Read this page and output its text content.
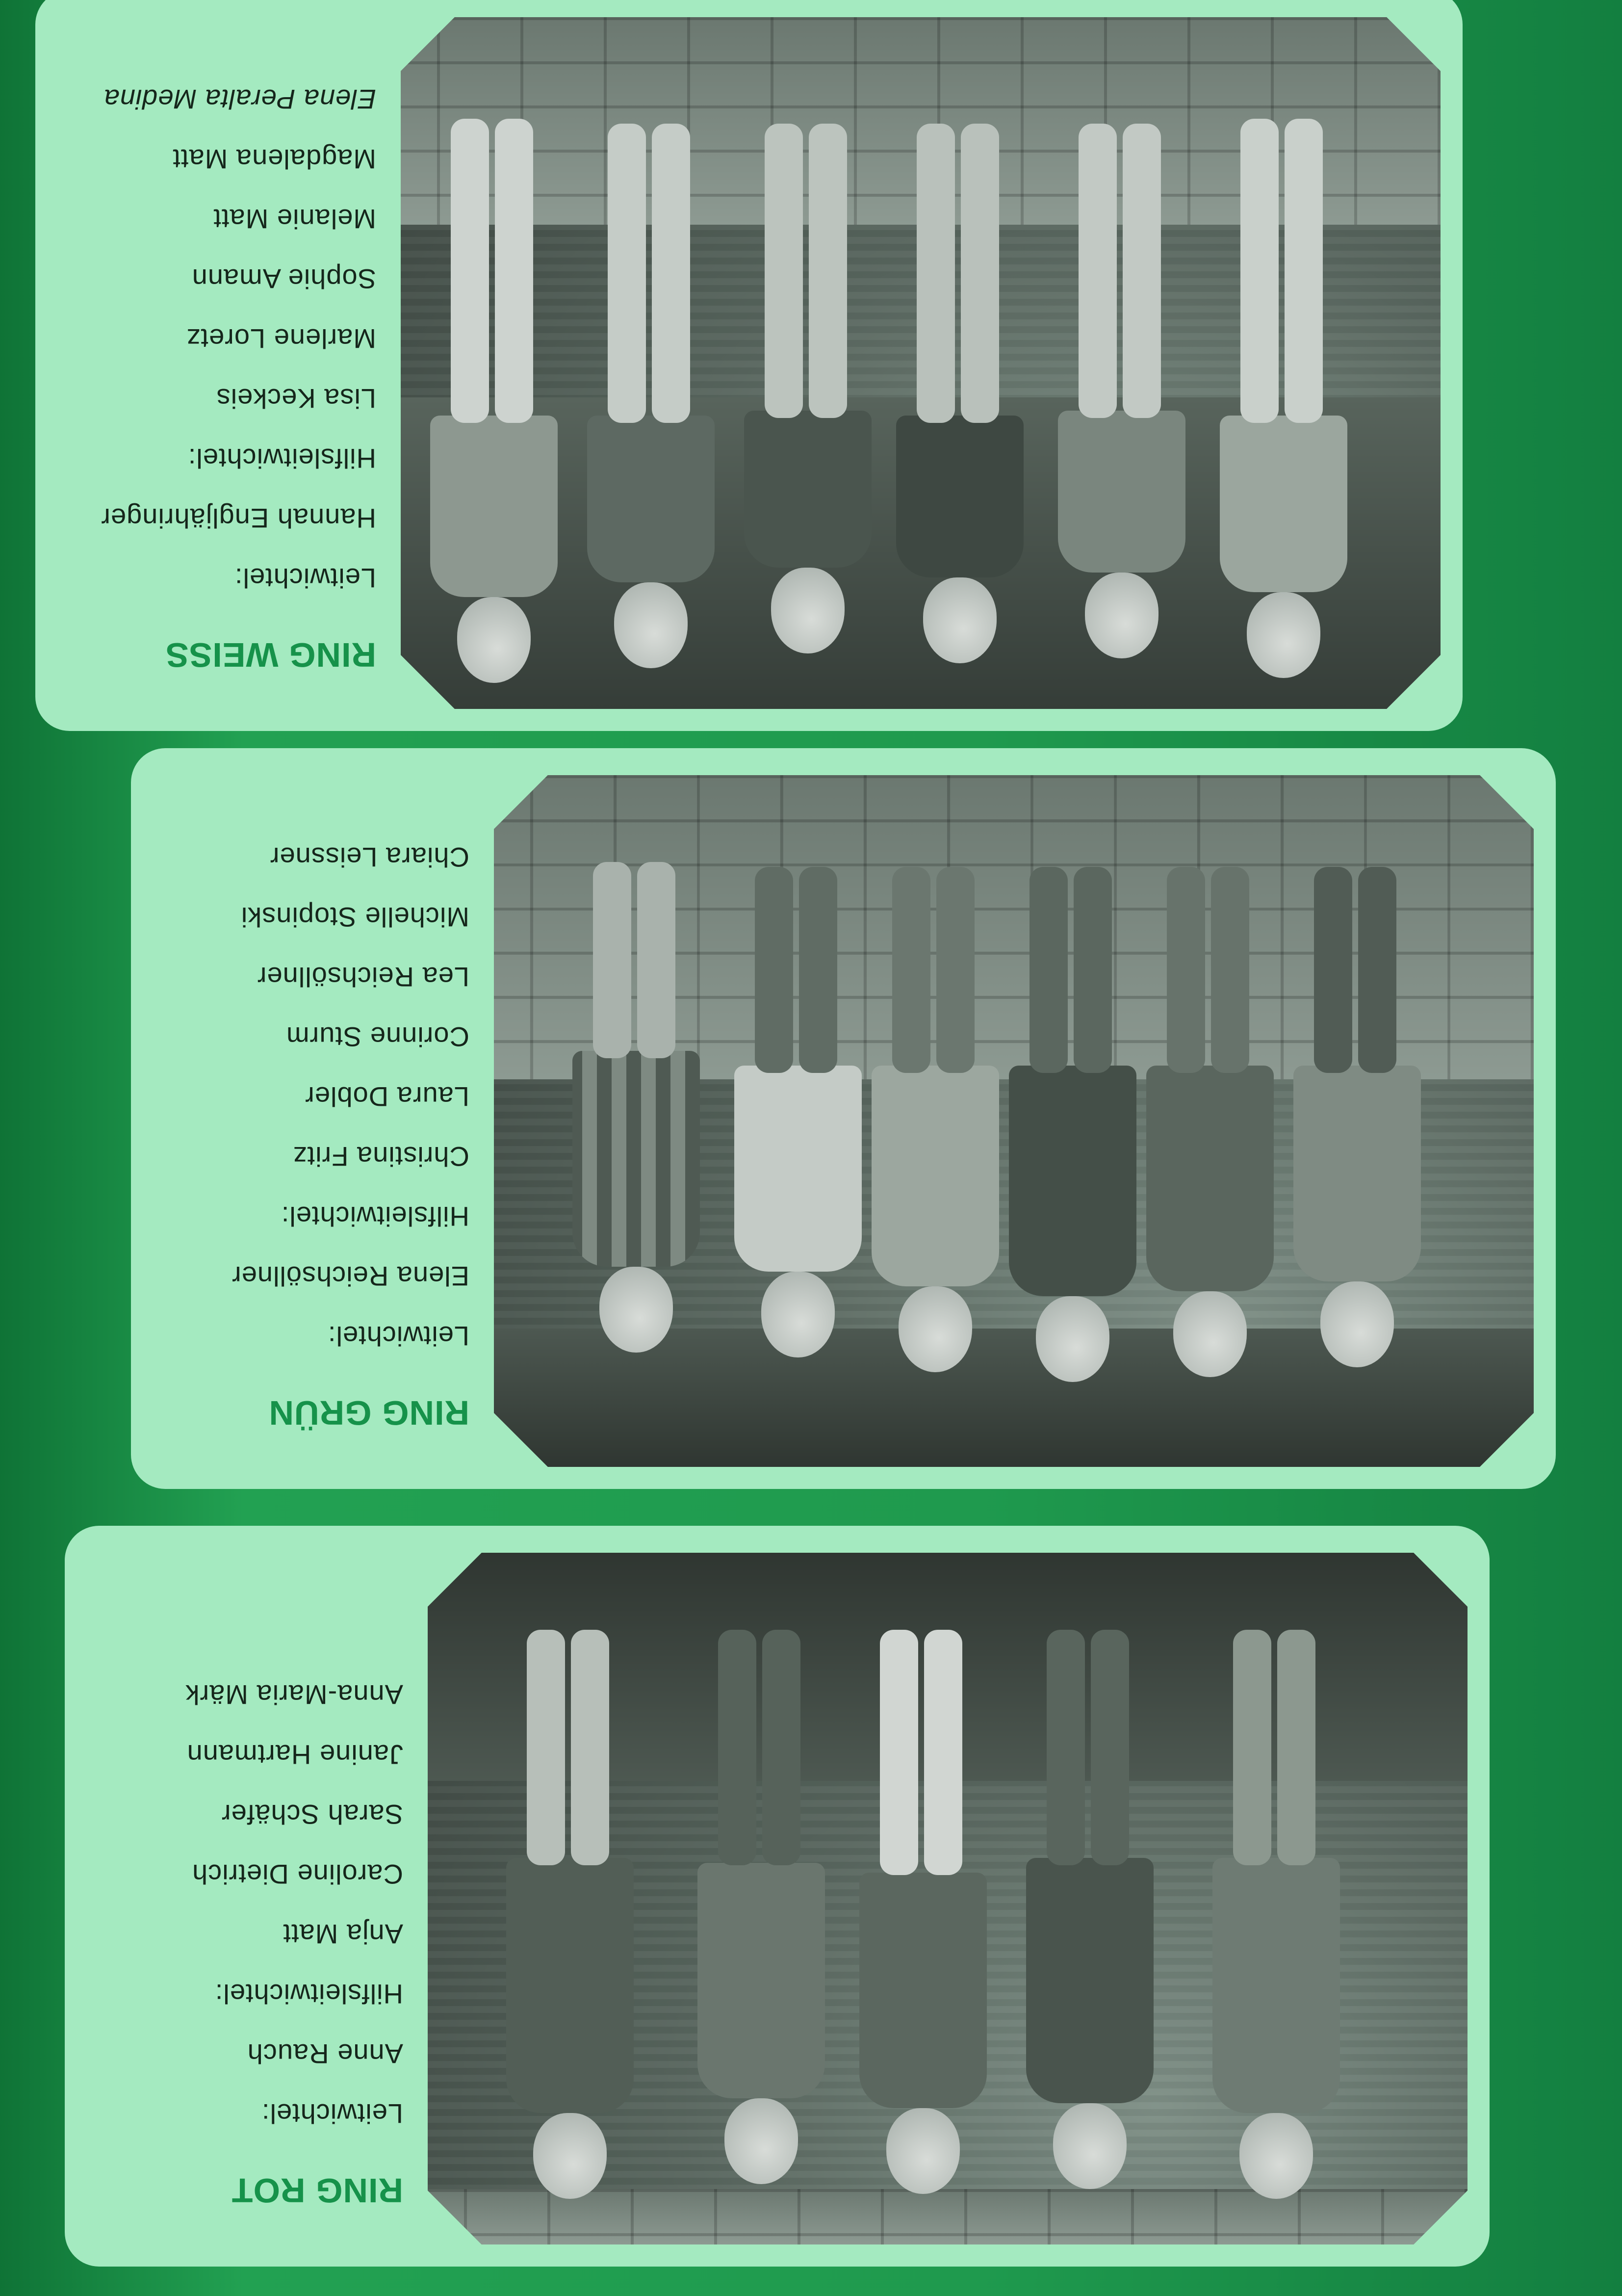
RING ROT
Leitwichtel:
Anne Rauch
Hilfsleitwichtel:
Anja Matt
Caroline Dietrich
Sarah Schäfer
Janine Hartmann
Anna-Maria Märk
RING GRÜN
Leitwichtel:
Elena Reichsöllner
Hilfsleitwichtel:
Christina Fritz
Laura Dobler
Corinne Sturm
Lea Reichsöllner
Michelle Stopinski
Chiara Leissner
RING WEISS
Leitwichtel:
Hannah Engljähringer
Hilfsleitwichtel:
Lisa Keckeis
Marlene Loretz
Sophie Amann
Melanie Matt
Magdalena Matt
Elena Peralta Medina
